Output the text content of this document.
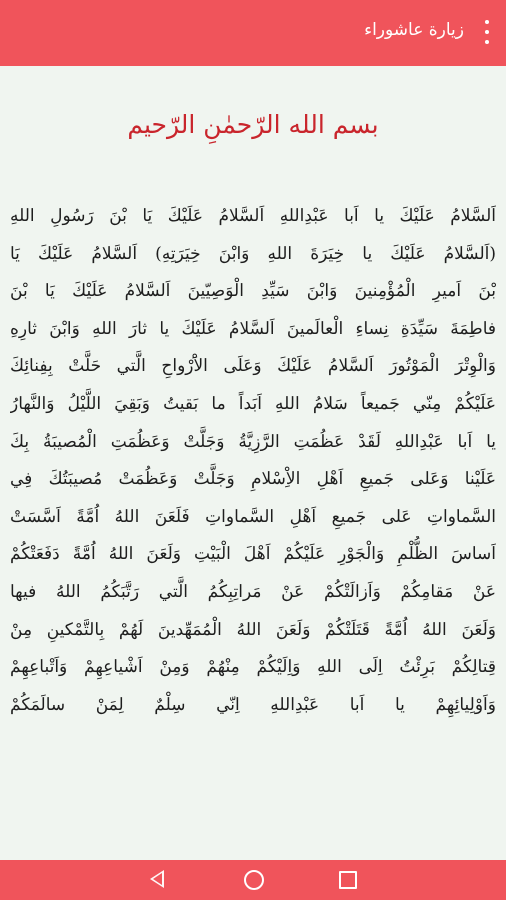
زيارة عاشوراء
بسم الله الرّحمٰنِ الرّحيم
اَلسَّلامُ عَلَيْكَ يا اَبا عَبْدِاللهِ اَلسَّلامُ عَلَيْكَ يَا بْنَ رَسُولِ اللهِ
(اَلسَّلامُ عَلَيْكَ يا خِيَرَةَ اللهِ وَابْنَ خِيَرَتِهِ) اَلسَّلامُ عَلَيْكَ يَا
بْنَ اَميرِ الْمُؤْمِنينَ وَابْنَ سَيِّدِ الْوَصِيّينَ اَلسَّلامُ عَلَيْكَ يَا بْنَ
فاطِمَةَ سَيِّدَةِ نِساءِ الْعالَمينَ اَلسَّلامُ عَلَيْكَ يا ثارَ اللهِ وَابْنَ ثارِهِ
وَالْوِتْرَ الْمَوْتُورَ اَلسَّلامُ عَلَيْكَ وَعَلَى الاَْرْواحِ الَّتي حَلَّتْ بِفِنائِكَ
عَلَيْكُمْ مِنّي جَميعاً سَلامُ اللهِ اَبَداً ما بَقيتُ وَبَقِيَ اللَّيْلُ وَالنَّهارُ
يا اَبا عَبْدِاللهِ لَقَدْ عَظُمَتِ الرَّزِيَّةُ وَجَلَّتْ وَعَظُمَتِ الْمُصيبَةُ بِكَ
عَلَيْنا وَعَلى جَميعِ اَهْلِ الاِْسْلامِ وَجَلَّتْ وَعَظُمَتْ مُصيبَتُكَ فِي
السَّماواتِ عَلى جَميعِ اَهْلِ السَّماواتِ فَلَعَنَ اللهُ اُمَّةً اَسَّسَتْ
اَساسَ الظُّلْمِ وَالْجَوْرِ عَلَيْكُمْ اَهْلَ الْبَيْتِ وَلَعَنَ اللهُ اُمَّةً دَفَعَتْكُمْ
عَنْ مَقامِكُمْ وَاَزالَتْكُمْ عَنْ مَراتِبِكُمُ الَّتي رَتَّبَكُمُ اللهُ فيها
وَلَعَنَ اللهُ اُمَّةً قَتَلَتْكُمْ وَلَعَنَ اللهُ الْمُمَهِّدينَ لَهُمْ بِالتَّمْكينِ مِنْ
قِتالِكُمْ بَرِئْتُ اِلَى اللهِ وَاِلَيْكُمْ مِنْهُمْ وَمِنْ اَشْياعِهِمْ وَاَتْباعِهِمْ
وَاَوْلِيائِهِمْ يا اَبا عَبْدِاللهِ اِنّي سِلْمٌ لِمَنْ سالَمَكُمْ
